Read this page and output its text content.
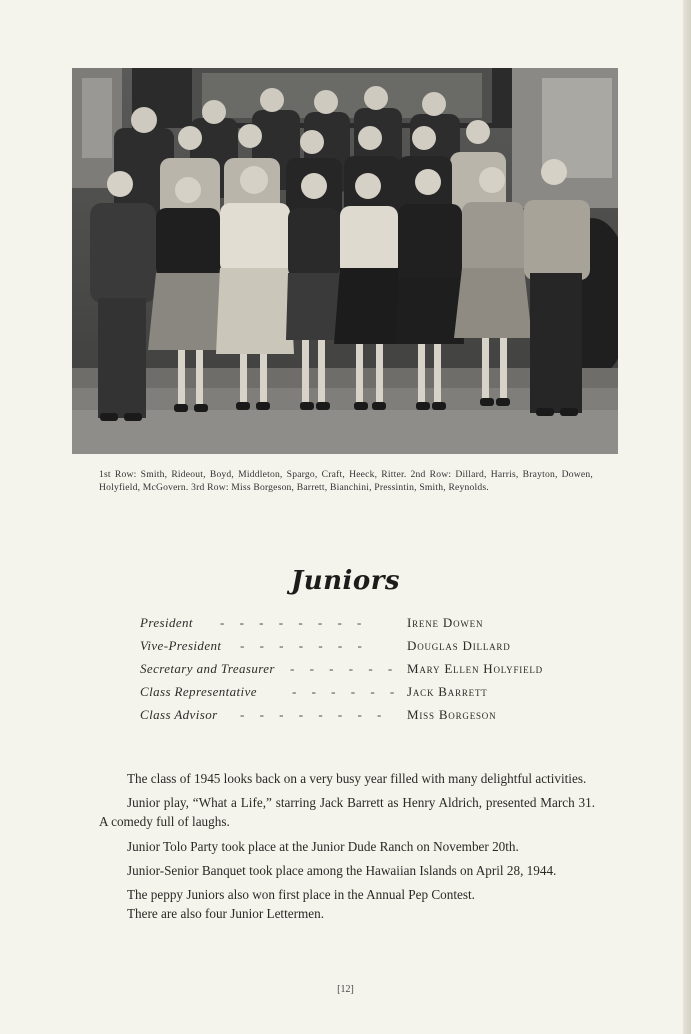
1st Row: Smith, Rideout, Boyd, Middleton, Spargo, Craft, Heeck, Ritter. 2nd Row: Dillard, Harris, Brayton, Dowen, Holyfield, McGovern. 3rd Row: Miss Borgeson, Barrett, Bianchini, Pressintin, Smith, Reynolds.
Juniors
President - - - - - - - -	Irene Dowen
Vive-President - - - - - - -	Douglas Dillard
Secretary and Treasurer - - - - - - Mary Ellen Holyfield
Class Representative	- - - - - - Jack Barrett
Class Advisor - - - - - - - - Miss Borgeson

The class of 1945 looks back on a very busy year filled with many delightful activities.

Junior play, “What a Life,” starring Jack Barrett as Henry Aldrich, presented March 31. A comedy full of laughs.

Junior Tolo Party took place at the Junior Dude Ranch on November 20th.

Junior-Senior Banquet took place among the Hawaiian Islands on April 28, 1944.

The peppy Juniors also won first place in the Annual Pep Contest.

There are also four Junior Lettermen.

[12]
